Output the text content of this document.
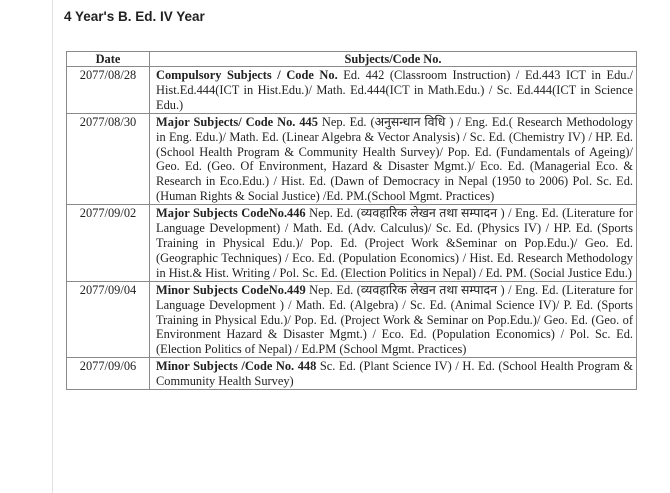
4 Year's B. Ed. IV Year
Date	Subjects/Code No.
2077/08/28	Compulsory Subjects / Code No. Ed. 442 (Classroom Instruction) / Ed.443 ICT in Edu./ Hist.Ed.444(ICT in Hist.Edu.)/ Math. Ed.444(ICT in Math.Edu.) / Sc. Ed.444(ICT in Science Edu.)
2077/08/30	Major Subjects/ Code No. 445 Nep. Ed. (अनुसन्धान विधि ) / Eng. Ed.( Research Methodology in Eng. Edu.)/ Math. Ed. (Linear Algebra & Vector Analysis) / Sc. Ed. (Chemistry IV) / HP. Ed. (School Health Program & Community Health Survey)/ Pop. Ed. (Fundamentals of Ageing)/ Geo. Ed. (Geo. Of Environment, Hazard & Disaster Mgmt.)/ Eco. Ed. (Managerial Eco. & Research in Eco.Edu.) / Hist. Ed. (Dawn of Democracy in Nepal (1950 to 2006) Pol. Sc. Ed. (Human Rights & Social Justice) /Ed. PM.(School Mgmt. Practices)
2077/09/02	Major Subjects CodeNo.446 Nep. Ed. (व्यवहारिक लेखन तथा सम्पादन ) / Eng. Ed. (Literature for Language Development) / Math. Ed. (Adv. Calculus)/ Sc. Ed. (Physics IV) / HP. Ed. (Sports Training in Physical Edu.)/ Pop. Ed. (Project Work &Seminar on Pop.Edu.)/ Geo. Ed. (Geographic Techniques) / Eco. Ed. (Population Economics) / Hist. Ed. Research Methodology in Hist.& Hist. Writing / Pol. Sc. Ed. (Election Politics in Nepal) / Ed. PM. (Social Justice Edu.)
2077/09/04	Minor Subjects CodeNo.449 Nep. Ed. (व्यवहारिक लेखन तथा सम्पादन ) / Eng. Ed. (Literature for Language Development ) / Math. Ed. (Algebra) / Sc. Ed. (Animal Science IV)/ P. Ed. (Sports Training in Physical Edu.)/ Pop. Ed. (Project Work & Seminar on Pop.Edu.)/ Geo. Ed. (Geo. of Environment Hazard & Disaster Mgmt.) / Eco. Ed. (Population Economics) / Pol. Sc. Ed.(Election Politics of Nepal) / Ed.PM (School Mgmt. Practices)
2077/09/06	Minor Subjects /Code No. 448 Sc. Ed. (Plant Science IV) / H. Ed. (School Health Program & Community Health Survey)
